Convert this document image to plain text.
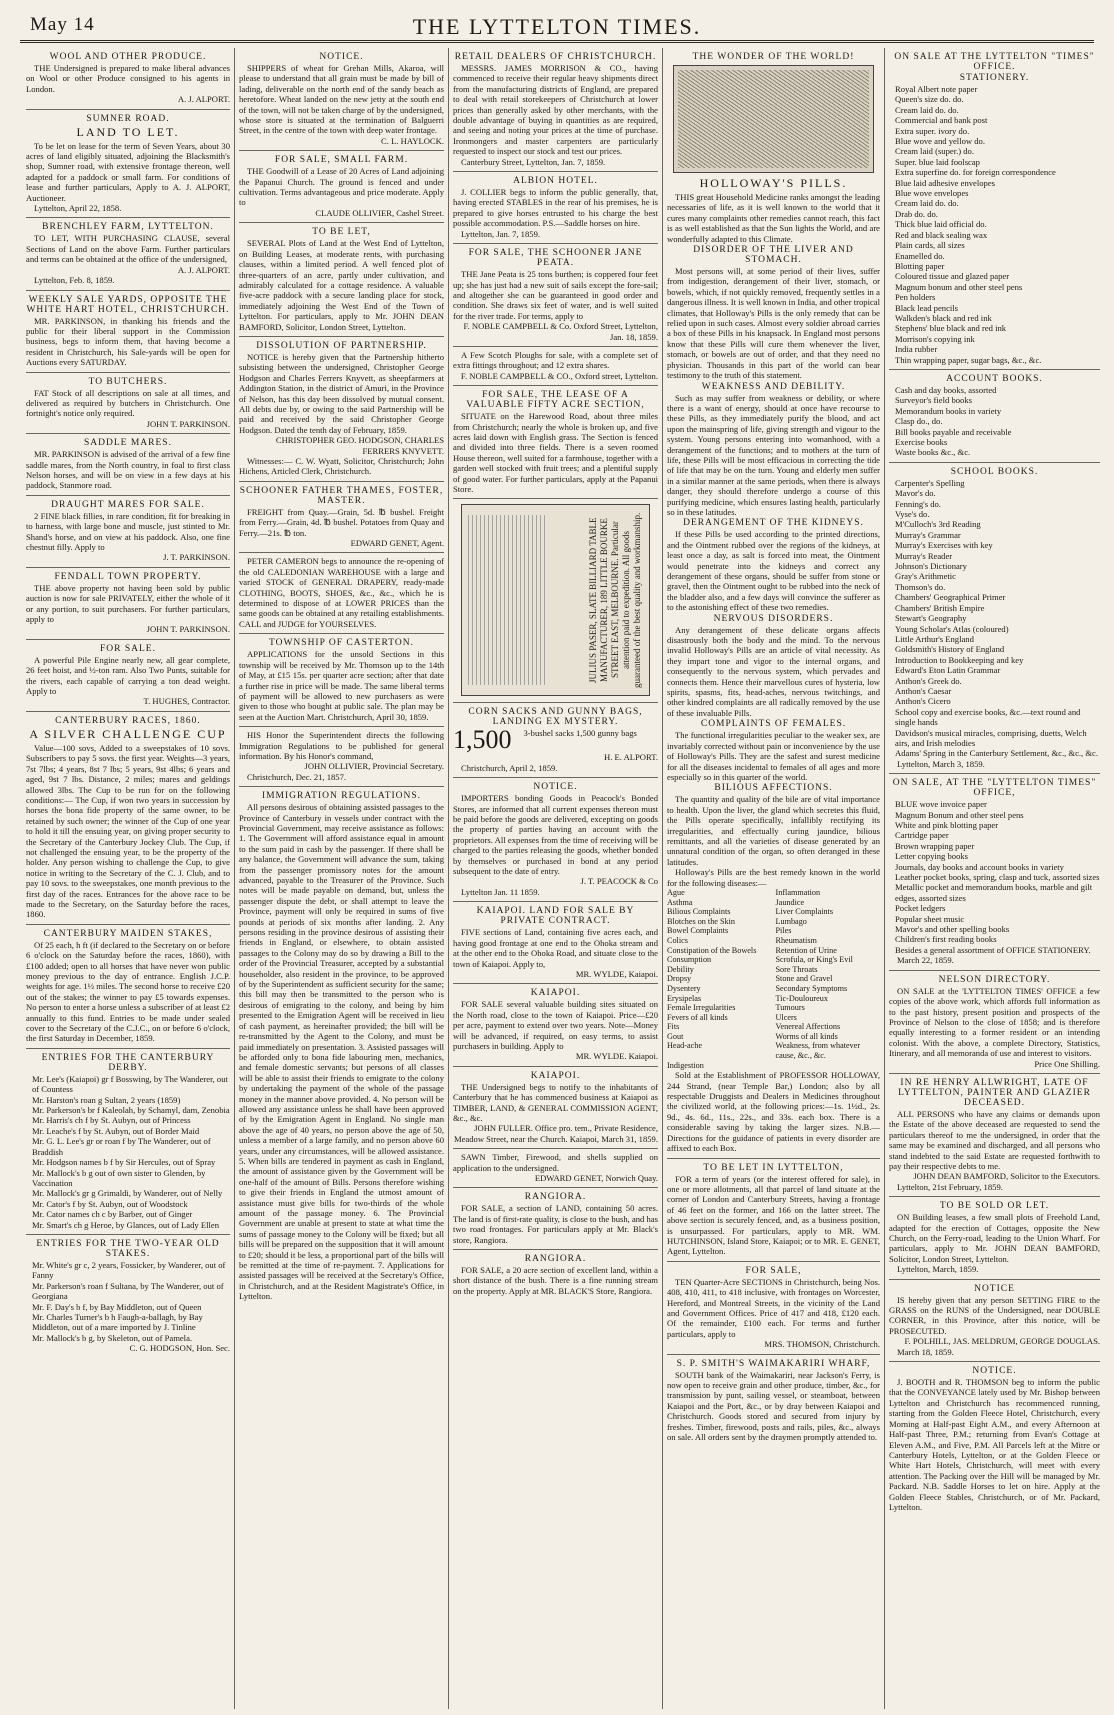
May 14	THE LYTTELTON TIMES.
WOOL AND OTHER PRODUCE.

THE Undersigned is prepared to make liberal advances on Wool or other Produce consigned to his agents in London.

A. J. ALPORT.

SUMNER ROAD.
LAND TO LET.

To be let on lease for the term of Seven Years, about 30 acres of land eligibly situated, adjoining the Blacksmith's shop, Sumner road, with extensive frontage thereon, well adapted for a paddock or small farm. For conditions of lease and further particulars, Apply to A. J. ALPORT, Auctioneer.

Lyttelton, April 22, 1858.

BRENCHLEY FARM, LYTTELTON.

TO LET, WITH PURCHASING CLAUSE, several Sections of Land on the above Farm. Further particulars and terms can be obtained at the office of the undersigned,

A. J. ALPORT.

Lyttelton, Feb. 8, 1859.

WEEKLY SALE YARDS, OPPOSITE THE WHITE HART HOTEL, CHRISTCHURCH.

MR. PARKINSON, in thanking his friends and the public for their liberal support in the Commission business, begs to inform them, that having become a resident in Christchurch, his Sale-yards will be open for Auctions every SATURDAY.

TO BUTCHERS.

FAT Stock of all descriptions on sale at all times, and delivered as required by butchers in Christchurch. One fortnight's notice only required.

JOHN T. PARKINSON.

SADDLE MARES.

MR. PARKINSON is advised of the arrival of a few fine saddle mares, from the North country, in foal to first class Nelson horses, and will be on view in a few days at his paddock, Stanmore road.

DRAUGHT MARES FOR SALE.

2 FINE black fillies, in rare condition, fit for breaking in to harness, with large bone and muscle, just stinted to Mr. Shand's horse, and on view at his paddock. Also, one fine chestnut filly. Apply to

J. T. PARKINSON.

FENDALL TOWN PROPERTY.

THE above property not having been sold by public auction is now for sale PRIVATELY, either the whole of it or any portion, to suit purchasers. For further particulars, apply to

JOHN T. PARKINSON.

FOR SALE.

A powerful Pile Engine nearly new, all gear complete, 26 feet hoist, and ½-ton ram. Also Two Punts, suitable for the rivers, each capable of carrying a ton dead weight. Apply to

T. HUGHES, Contractor.

CANTERBURY RACES, 1860.
A SILVER CHALLENGE CUP

Value—100 sovs, Added to a sweepstakes of 10 sovs. Subscribers to pay 5 sovs. the first year. Weights—3 years, 7st 7lbs; 4 years, 8st 7 lbs; 5 years, 9st 4lbs; 6 years and aged, 9st 7 lbs. Distance, 2 miles; mares and geldings allowed 3lbs. The Cup to be run for on the following conditions:— The Cup, if won two years in succession by horses the bona fide property of the same owner, to be retained by such owner; the winner of the Cup of one year to hold it till the ensuing year, on giving proper security to the Secretary of the Canterbury Jockey Club. The Cup, if not challenged the ensuing year, to be the property of the holder. Any person wishing to challenge the Cup, to give notice in writing to the Secretary of the C. J. Club, and to pay 10 sovs. to the sweepstakes, one month previous to the first day of the races. Entrances for the above race to be made to the Secretary, on the Saturday before the races, 1860.

CANTERBURY MAIDEN STAKES,

Of 25 each, h ft (if declared to the Secretary on or before 6 o'clock on the Saturday before the races, 1860), with £100 added; open to all horses that have never won public money previous to the day of entrance. English J.C.P. weights for age. 1½ miles. The second horse to receive £20 out of the stakes; the winner to pay £5 towards expenses. No person to enter a horse unless a subscriber of at least £2 annually to this fund. Entries to be made under sealed cover to the Secretary of the C.J.C., on or before 6 o'clock, the first Saturday in December, 1859.

ENTRIES FOR THE CANTERBURY DERBY.
Mr. Lee's (Kaiapoi) gr f Bosswing, by The Wanderer, out of Countess
Mr. Harston's roan g Sultan, 2 years (1859)
Mr. Parkerson's br f Kaleolah, by Schamyl, dam, Zenobia
Mr. Harris's ch f by St. Aubyn, out of Princess
Mr. Leache's f by St. Aubyn, out of Border Maid
Mr. G. L. Lee's gr or roan f by The Wanderer, out of Braddish
Mr. Hodgson names b f by Sir Hercules, out of Spray
Mr. Mallock's b g out of own sister to Glenden, by Vaccination
Mr. Mallock's gr g Grimaldi, by Wanderer, out of Nelly
Mr. Cator's f by St. Aubyn, out of Woodstock
Mr. Cator names ch c by Barber, out of Ginger
Mr. Smart's ch g Heroe, by Glances, out of Lady Ellen
ENTRIES FOR THE TWO-YEAR OLD STAKES.
Mr. White's gr c, 2 years, Fossicker, by Wanderer, out of Fanny
Mr. Parkerson's roan f Sultana, by The Wanderer, out of Georgiana
Mr. F. Day's b f, by Bay Middleton, out of Queen
Mr. Charles Turner's b h Faugh-a-ballagh, by Bay Middleton, out of a mare imported by J. Tinline
Mr. Mallock's b g, by Skeleton, out of Pamela.

C. G. HODGSON, Hon. Sec.

NOTICE.

SHIPPERS of wheat for Grehan Mills, Akaroa, will please to understand that all grain must be made by bill of lading, deliverable on the north end of the sandy beach as heretofore. Wheat landed on the new jetty at the south end of the town, will not be taken charge of by the undersigned, whose store is situated at the termination of Balguerri Street, in the centre of the town with deep water frontage.

C. L. HAYLOCK.

FOR SALE, SMALL FARM.

THE Goodwill of a Lease of 20 Acres of Land adjoining the Papanui Church. The ground is fenced and under cultivation. Terms advantageous and price moderate. Apply to

CLAUDE OLLIVIER, Cashel Street.

TO BE LET,

SEVERAL Plots of Land at the West End of Lyttelton, on Building Leases, at moderate rents, with purchasing clauses, within a limited period. A well fenced plot of three-quarters of an acre, partly under cultivation, and admirably calculated for a cottage residence. A valuable five-acre paddock with a secure landing place for stock, immediately adjoining the West End of the Town of Lyttelton. For particulars, apply to Mr. JOHN DEAN BAMFORD, Solicitor, London Street, Lyttelton.

DISSOLUTION OF PARTNERSHIP.

NOTICE is hereby given that the Partnership hitherto subsisting between the undersigned, Christopher George Hodgson and Charles Ferrers Knyvett, as sheepfarmers at Addington Station, in the district of Amuri, in the Province of Nelson, has this day been dissolved by mutual consent. All debts due by, or owing to the said Partnership will be paid and received by the said Christopher George Hodgson. Dated the tenth day of February, 1859.

CHRISTOPHER GEO. HODGSON, CHARLES FERRERS KNYVETT.

Witnesses:— C. W. Wyatt, Solicitor, Christchurch; John Hichens, Articled Clerk, Christchurch.

SCHOONER FATHER THAMES, FOSTER, MASTER.

FREIGHT from Quay.—Grain, 5d. ℔ bushel. Freight from Ferry.—Grain, 4d. ℔ bushel. Potatoes from Quay and Ferry.—21s. ℔ ton.

EDWARD GENET, Agent.

PETER CAMERON begs to announce the re-opening of the old CALEDONIAN WAREHOUSE with a large and varied STOCK of GENERAL DRAPERY, ready-made CLOTHING, BOOTS, SHOES, &c., &c., which he is determined to dispose of at LOWER PRICES than the same goods can be obtained at any retailing establishments. CALL and JUDGE for YOURSELVES.

TOWNSHIP OF CASTERTON.

APPLICATIONS for the unsold Sections in this township will be received by Mr. Thomson up to the 14th of May, at £15 15s. per quarter acre section; after that date a further rise in price will be made. The same liberal terms of payment will be allowed to new purchasers as were given to those who bought at public sale. The plan may be seen at the Auction Mart. Christchurch, April 30, 1859.

HIS Honor the Superintendent directs the following Immigration Regulations to be published for general information. By his Honor's command,

JOHN OLLIVIER, Provincial Secretary.

Christchurch, Dec. 21, 1857.

IMMIGRATION REGULATIONS.

All persons desirous of obtaining assisted passages to the Province of Canterbury in vessels under contract with the Provincial Government, may receive assistance as follows: 1. The Government will afford assistance equal in amount to the sum paid in cash by the passenger. If there shall be any balance, the Government will advance the sum, taking from the passenger promissory notes for the amount advanced, payable to the Treasurer of the Province. Such notes will be made payable on demand, but, unless the passenger dispute the debt, or shall attempt to leave the Province, payment will only be required in sums of five pounds at periods of six months after landing. 2. Any persons residing in the province desirous of assisting their friends in England, or elsewhere, to obtain assisted passages to the Colony may do so by drawing a Bill to the order of the Provincial Treasurer, accepted by a substantial householder, also resident in the province, to be approved of by the Superintendent as sufficient security for the same; this bill may then be transmitted to the person who is desirous of emigrating to the colony, and being by him presented to the Emigration Agent will be received in lieu of cash payment, as hereinafter provided; the bill will be re-transmitted by the Agent to the Colony, and must be paid immediately on presentation. 3. Assisted passages will be afforded only to bona fide labouring men, mechanics, and female domestic servants; but persons of all classes will be able to assist their friends to emigrate to the colony by undertaking the payment of the whole of the passage money in the manner above provided. 4. No person will be allowed any assistance unless he shall have been approved of by the Emigration Agent in England. No single man above the age of 40 years, no person above the age of 50, unless a member of a large family, and no person above 60 years, under any circumstances, will be allowed assistance. 5. When bills are tendered in payment as cash in England, the amount of assistance given by the Government will be one-half of the amount of Bills. Persons therefore wishing to give their friends in England the utmost amount of assistance must give bills for two-thirds of the whole amount of the passage money. 6. The Provincial Government are unable at present to state at what time the sums of passage money to the Colony will be fixed; but all bills will be prepared on the supposition that it will amount to £20; should it be less, a proportional part of the bills will be remitted at the time of re-payment. 7. Applications for assisted passages will be received at the Secretary's Office, in Christchurch, and at the Resident Magistrate's Office, in Lyttelton.

RETAIL DEALERS OF CHRISTCHURCH.

MESSRS. JAMES MORRISON & CO., having commenced to receive their regular heavy shipments direct from the manufacturing districts of England, are prepared to deal with retail storekeepers of Christchurch at lower prices than generally asked by other merchants, with the double advantage of buying in quantities as are required, and seeing and noting your prices at the time of purchase. Ironmongers and master carpenters are particularly requested to inspect our stock and test our prices.

Canterbury Street, Lyttelton, Jan. 7, 1859.

ALBION HOTEL.

J. COLLIER begs to inform the public generally, that, having erected STABLES in the rear of his premises, he is prepared to give horses entrusted to his charge the best possible accommodation. P.S.—Saddle horses on hire.

Lyttelton, Jan. 7, 1859.

FOR SALE, THE SCHOONER JANE PEATA.

THE Jane Peata is 25 tons burthen; is coppered four feet up; she has just had a new suit of sails except the fore-sail; and altogether she can be guaranteed in good order and condition. She draws six feet of water, and is well suited for the river trade. For terms, apply to

F. NOBLE CAMPBELL & Co. Oxford Street, Lyttelton, Jan. 18, 1859.

A Few Scotch Ploughs for sale, with a complete set of extra fittings throughout; and 12 extra shares.

F. NOBLE CAMPBELL & CO., Oxford street, Lyttelton.

FOR SALE, THE LEASE OF A VALUABLE FIFTY ACRE SECTION,

SITUATE on the Harewood Road, about three miles from Christchurch; nearly the whole is broken up, and five acres laid down with English grass. The Section is fenced and divided into three fields. There is a seven roomed House thereon, well suited for a farmhouse, together with a garden well stocked with fruit trees; and a plentiful supply of good water. For further particulars, apply at the Papanui Store.

JULIUS PASER, SLATE BILLIARD TABLE MANUFACTURER, 189 LITTLE BOURKE STREET EAST, MELBOURNE. Particular attention paid to expedition. All goods guaranteed of the best quality and workmanship.
CORN SACKS AND GUNNY BAGS, LANDING EX MYSTERY.
1,500	3-bushel sacks 1,500 gunny bags

H. E. ALPORT.

Christchurch, April 2, 1859.

NOTICE.

IMPORTERS bonding Goods in Peacock's Bonded Stores, are informed that all current expenses thereon must be paid before the goods are delivered, excepting on goods the property of parties having an account with the proprietors. All expenses from the time of receiving will be charged to the parties releasing the goods, whether bonded by themselves or purchased in bond at any period subsequent to the date of entry.

J. T. PEACOCK & Co

Lyttelton Jan. 11 1859.

KAIAPOI. LAND FOR SALE BY PRIVATE CONTRACT.

FIVE sections of Land, containing five acres each, and having good frontage at one end to the Ohoka stream and at the other end to the Ohoka Road, and situate close to the town of Kaiapoi. Apply to,

MR. WYLDE, Kaiapoi.

KAIAPOI.

FOR SALE several valuable building sites situated on the North road, close to the town of Kaiapoi. Price—£20 per acre, payment to extend over two years. Note—Money will be advanced, if required, on easy terms, to assist purchasers in building. Apply to

MR. WYLDE. Kaiapoi.

KAIAPOI.

THE Undersigned begs to notify to the inhabitants of Canterbury that he has commenced business at Kaiapoi as TIMBER, LAND, & GENERAL COMMISSION AGENT, &c., &c.

JOHN FULLER. Office pro. tem., Private Residence, Meadow Street, near the Church. Kaiapoi, March 31, 1859.

SAWN Timber, Firewood, and shells supplied on application to the undersigned.

EDWARD GENET, Norwich Quay.

RANGIORA.

FOR SALE, a section of LAND, containing 50 acres. The land is of first-rate quality, is close to the bush, and has two road frontages. For particulars apply at Mr. Black's store, Rangiora.

RANGIORA.

FOR SALE, a 20 acre section of excellent land, within a short distance of the bush. There is a fine running stream on the property. Apply at MR. BLACK'S Store, Rangiora.

THE WONDER OF THE WORLD!
HOLLOWAY'S PILLS.

THIS great Household Medicine ranks amongst the leading necessaries of life, as it is well known to the world that it cures many complaints other remedies cannot reach, this fact is as well established as that the Sun lights the World, and are wonderfully adapted to this Climate.

DISORDER OF THE LIVER AND STOMACH.

Most persons will, at some period of their lives, suffer from indigestion, derangement of their liver, stomach, or bowels, which, if not quickly removed, frequently settles in a dangerous illness. It is well known in India, and other tropical climates, that Holloway's Pills is the only remedy that can be relied upon in such cases. Almost every soldier abroad carries a box of these Pills in his knapsack. In England most persons know that these Pills will cure them whenever the liver, stomach, or bowels are out of order, and that they need no physician. Thousands in this part of the world can bear testimony to the truth of this statement.

WEAKNESS AND DEBILITY.

Such as may suffer from weakness or debility, or where there is a want of energy, should at once have recourse to these Pills, as they immediately purify the blood, and act upon the mainspring of life, giving strength and vigour to the system. Young persons entering into womanhood, with a derangement of the functions; and to mothers at the turn of life, these Pills will be most efficacious in correcting the tide of life that may be on the turn. Young and elderly men suffer in a similar manner at the same periods, when there is always danger, they should therefore undergo a course of this purifying medicine, which ensures lasting health, particularly so in these latitudes.

DERANGEMENT OF THE KIDNEYS.

If these Pills be used according to the printed directions, and the Ointment rubbed over the regions of the kidneys, at least once a day, as salt is forced into meat, the Ointment would penetrate into the kidneys and correct any derangement of these organs, should be suffer from stone or gravel, then the Ointment ought to be rubbed into the neck of the bladder also, and a few days will convince the sufferer as to the astonishing effect of these two remedies.

NERVOUS DISORDERS.

Any derangement of these delicate organs affects disastrously both the body and the mind. To the nervous invalid Holloway's Pills are an article of vital necessity. As they impart tone and vigor to the internal organs, and consequently to the nervous system, which pervades and connects them. Hence their marvellous cures of hysteria, low spirits, spasms, fits, head-aches, nervous twitchings, and other kindred complaints are all radically removed by the use of these invaluable Pills.

COMPLAINTS OF FEMALES.

The functional irregularities peculiar to the weaker sex, are invariably corrected without pain or inconvenience by the use of Holloway's Pills. They are the safest and surest medicine for all the diseases incidental to females of all ages and more especially so in this quarter of the world.

BILIOUS AFFECTIONS.

The quantity and quality of the bile are of vital importance to health. Upon the liver, the gland which secretes this fluid, the Pills operate specifically, infallibly rectifying its irregularities, and effectually curing jaundice, bilious remittants, and all the varieties of disease generated by an unnatural condition of the organ, so often deranged in these latitudes.

Holloway's Pills are the best remedy known in the world for the following diseases:—

Ague	Inflammation
Asthma	Jaundice
Bilious Complaints	Liver Complaints
Blotches on the Skin	Lumbago
Bowel Complaints	Piles
Colics	Rheumatism
Constipation of the Bowels	Retention of Urine
Consumption	Scrofula, or King's Evil
Debility	Sore Throats
Dropsy	Stone and Gravel
Dysentery	Secondary Symptoms
Erysipelas	Tic-Douloureux
Female Irregularities	Tumours
Fevers of all kinds	Ulcers
Fits	Venereal Affections
Gout	Worms of all kinds
Head-ache	Weakness, from whatever cause, &c., &c.
Indigestion

Sold at the Establishment of PROFESSOR HOLLOWAY, 244 Strand, (near Temple Bar,) London; also by all respectable Druggists and Dealers in Medicines throughout the civilized world, at the following prices:—1s. 1½d., 2s. 9d., 4s. 6d., 11s., 22s., and 33s. each box. There is a considerable saving by taking the larger sizes. N.B.—Directions for the guidance of patients in every disorder are affixed to each Box.

TO BE LET IN LYTTELTON,

FOR a term of years (or the interest offered for sale), in one or more allotments, all that parcel of land situate at the corner of London and Canterbury Streets, having a frontage of 46 feet on the former, and 166 on the latter street. The above section is securely fenced, and, as a business position, is unsurpassed. For particulars, apply to MR. WM. HUTCHINSON, Island Store, Kaiapoi; or to MR. E. GENET, Agent, Lyttelton.

FOR SALE,

TEN Quarter-Acre SECTIONS in Christchurch, being Nos. 408, 410, 411, to 418 inclusive, with frontages on Worcester, Hereford, and Montreal Streets, in the vicinity of the Land and Government Offices. Price of 417 and 418, £120 each. Of the remainder, £100 each. For terms and further particulars, apply to

MRS. THOMSON, Christchurch.

S. P. SMITH'S WAIMAKARIRI WHARF,

SOUTH bank of the Waimakariri, near Jackson's Ferry, is now open to receive grain and other produce, timber, &c., for transmission by punt, sailing vessel, or steamboat, between Kaiapoi and the Port, &c., or by dray between Kaiapoi and Christchurch. Goods stored and secured from injury by freshes. Timber, firewood, posts and rails, piles, &c., always on sale. All orders sent by the draymen promptly attended to.

ON SALE AT THE LYTTELTON "TIMES" OFFICE.
STATIONERY.
Royal Albert note paper
Queen's size do. do.
Cream laid do. do.
Commercial and bank post
Extra super. ivory do.
Blue wove and yellow do.
Cream laid (super.) do.
Super. blue laid foolscap
Extra superfine do. for foreign correspondence
Blue laid adhesive envelopes
Blue wove envelopes
Cream laid do. do.
Drab do. do.
Thick blue laid official do.
Red and black sealing wax
Plain cards, all sizes
Enamelled do.
Blotting paper
Coloured tissue and glazed paper
Magnum bonum and other steel pens
Pen holders
Black lead pencils
Walkden's black and red ink
Stephens' blue black and red ink
Morrison's copying ink
India rubber
Thin wrapping paper, sugar bags, &c., &c.
ACCOUNT BOOKS.
Cash and day books, assorted
Surveyor's field books
Memorandum books in variety
Clasp do., do.
Bill books payable and receivable
Exercise books
Waste books &c., &c.
SCHOOL BOOKS.
Carpenter's Spelling
Mavor's do.
Fenning's do.
Vyse's do.
M'Culloch's 3rd Reading
Murray's Grammar
Murray's Exercises with key
Murray's Reader
Johnson's Dictionary
Gray's Arithmetic
Thomson's do.
Chambers' Geographical Primer
Chambers' British Empire
Stewart's Geography
Young Scholar's Atlas (coloured)
Little Arthur's England
Goldsmith's History of England
Introduction to Bookkeeping and key
Edward's Eton Latin Grammar
Anthon's Greek do.
Anthon's Caesar
Anthon's Cicero
School copy and exercise books, &c.—text round and single hands
Davidson's musical miracles, comprising, duetts, Welch airs, and Irish melodies
Adams' Spring in the Canterbury Settlement, &c., &c., &c.

Lyttelton, March 3, 1859.

ON SALE, AT THE "LYTTELTON TIMES" OFFICE,
BLUE wove invoice paper
Magnum Bonum and other steel pens
White and pink blotting paper
Cartridge paper
Brown wrapping paper
Letter copying books
Journals, day books and account books in variety
Leather pocket books, spring, clasp and tuck, assorted sizes
Metallic pocket and memorandum books, marble and gilt edges, assorted sizes
Pocket ledgers
Popular sheet music
Mavor's and other spelling books
Children's first reading books
Besides a general assortment of OFFICE STATIONERY.

March 22, 1859.

NELSON DIRECTORY.

ON SALE at the 'LYTTELTON TIMES' OFFICE a few copies of the above work, which affords full information as to the past history, present position and prospects of the Province of Nelson to the close of 1858; and is therefore equally interesting to a former resident or an intending colonist. With the above, a complete Directory, Statistics, Itinerary, and all memoranda of use and interest to visitors.

Price One Shilling.

IN RE HENRY ALLWRIGHT, LATE OF LYTTELTON, PAINTER AND GLAZIER DECEASED.

ALL PERSONS who have any claims or demands upon the Estate of the above deceased are requested to send the particulars thereof to me the undersigned, in order that the same may be examined and discharged, and all persons who stand indebted to the said Estate are requested forthwith to pay their respective debts to me.

JOHN DEAN BAMFORD, Solicitor to the Executors.

Lyttelton, 21st February, 1859.

TO BE SOLD OR LET.

ON Building leases, a few small plots of Freehold Land, adapted for the erection of Cottages, opposite the New Church, on the Ferry-road, leading to the Union Wharf. For particulars, apply to Mr. JOHN DEAN BAMFORD, Solicitor, London Street, Lyttelton.

Lyttelton, March, 1859.

NOTICE

IS hereby given that any person SETTING FIRE to the GRASS on the RUNS of the Undersigned, near DOUBLE CORNER, in this Province, after this notice, will be PROSECUTED.

F. POLHILL, JAS. MELDRUM, GEORGE DOUGLAS.

March 18, 1859.

NOTICE.

J. BOOTH and R. THOMSON beg to inform the public that the CONVEYANCE lately used by Mr. Bishop between Lyttelton and Christchurch has recommenced running, starting from the Golden Fleece Hotel, Christchurch, every Morning at Half-past Eight A.M., and every Afternoon at Half-past Three, P.M.; returning from Evan's Cottage at Eleven A.M., and Five, P.M. All Parcels left at the Mitre or Canterbury Hotels, Lyttelton, or at the Golden Fleece or White Hart Hotels, Christchurch, will meet with every attention. The Packing over the Hill will be managed by Mr. Packard. N.B. Saddle Horses to let on hire. Apply at the Golden Fleece Stables, Christchurch, or of Mr. Packard, Lyttelton.
